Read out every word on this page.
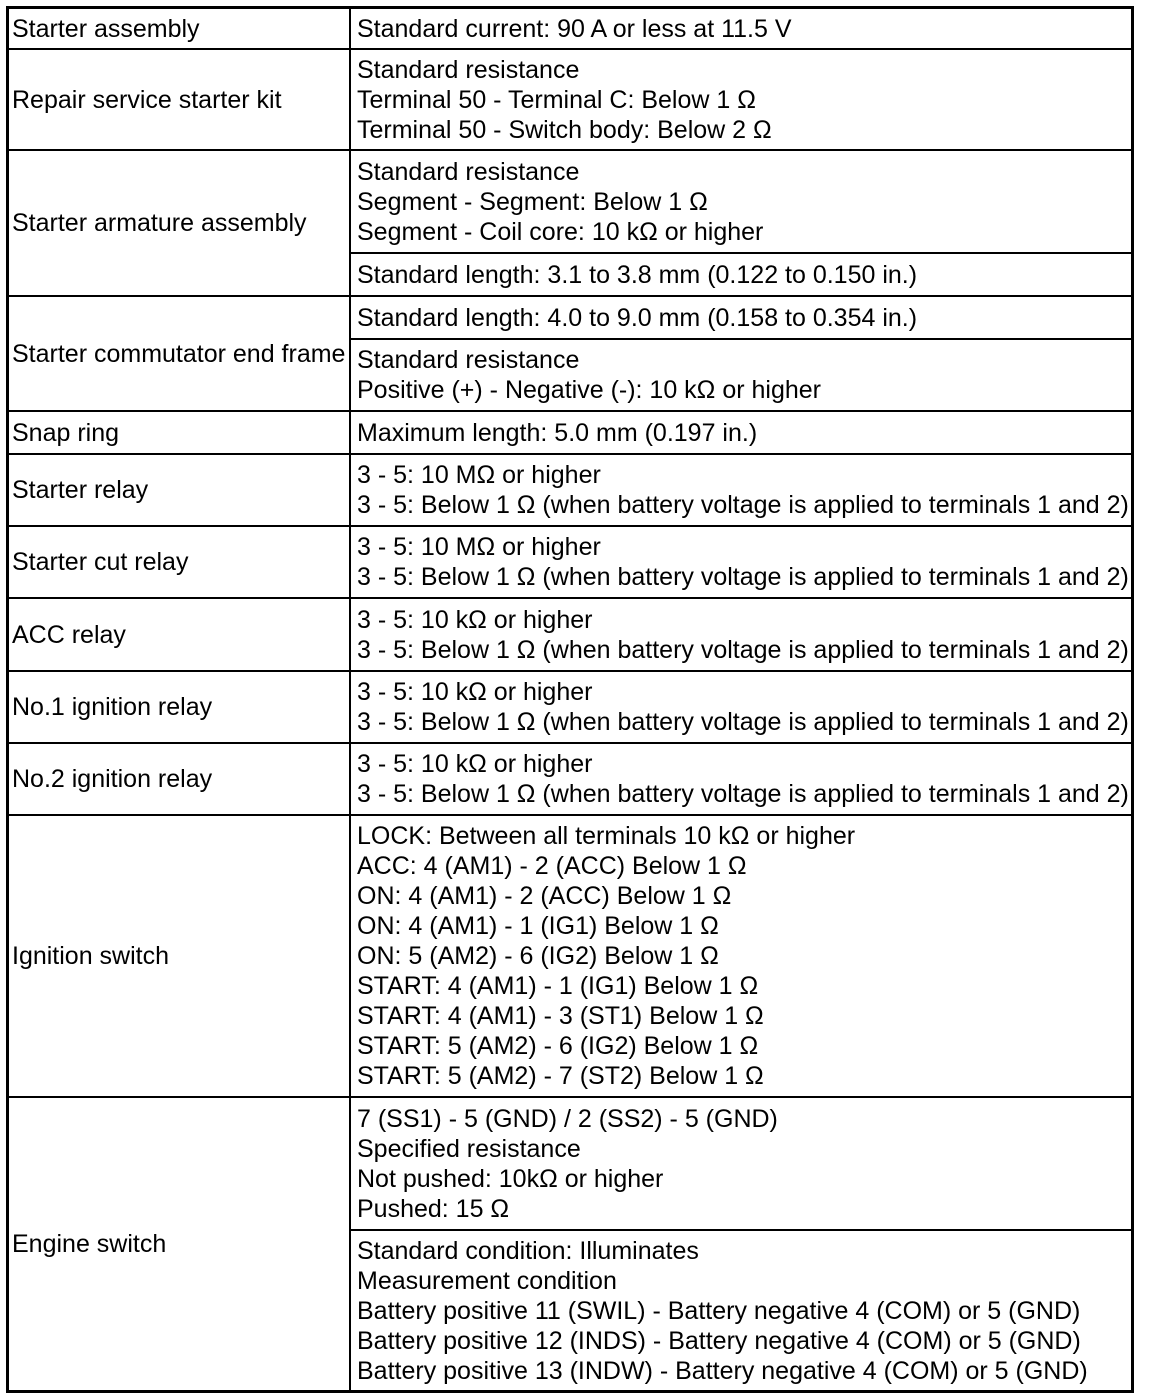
Starter assembly	Standard current: 90 A or less at 11.5 V
Repair service starter kit
Standard resistance
Terminal 50 - Terminal C: Below 1 Ω
Terminal 50 - Switch body: Below 2 Ω
Starter armature assembly
Standard resistance
Segment - Segment: Below 1 Ω
Segment - Coil core: 10 kΩ or higher
Standard length: 3.1 to 3.8 mm (0.122 to 0.150 in.)
Starter commutator end frame
Standard length: 4.0 to 9.0 mm (0.158 to 0.354 in.)
Standard resistance
Positive (+) - Negative (-): 10 kΩ or higher
Snap ring	Maximum length: 5.0 mm (0.197 in.)
Starter relay
3 - 5: 10 MΩ or higher
3 - 5: Below 1 Ω (when battery voltage is applied to terminals 1 and 2)
Starter cut relay
3 - 5: 10 MΩ or higher
3 - 5: Below 1 Ω (when battery voltage is applied to terminals 1 and 2)
ACC relay
3 - 5: 10 kΩ or higher
3 - 5: Below 1 Ω (when battery voltage is applied to terminals 1 and 2)
No.1 ignition relay
3 - 5: 10 kΩ or higher
3 - 5: Below 1 Ω (when battery voltage is applied to terminals 1 and 2)
No.2 ignition relay
3 - 5: 10 kΩ or higher
3 - 5: Below 1 Ω (when battery voltage is applied to terminals 1 and 2)
Ignition switch
LOCK: Between all terminals 10 kΩ or higher
ACC: 4 (AM1) - 2 (ACC) Below 1 Ω
ON: 4 (AM1) - 2 (ACC) Below 1 Ω
ON: 4 (AM1) - 1 (IG1) Below 1 Ω
ON: 5 (AM2) - 6 (IG2) Below 1 Ω
START: 4 (AM1) - 1 (IG1) Below 1 Ω
START: 4 (AM1) - 3 (ST1) Below 1 Ω
START: 5 (AM2) - 6 (IG2) Below 1 Ω
START: 5 (AM2) - 7 (ST2) Below 1 Ω
Engine switch
7 (SS1) - 5 (GND) / 2 (SS2) - 5 (GND)
Specified resistance
Not pushed: 10kΩ or higher
Pushed: 15 Ω
Standard condition: Illuminates
Measurement condition
Battery positive 11 (SWIL) - Battery negative 4 (COM) or 5 (GND)
Battery positive 12 (INDS) - Battery negative 4 (COM) or 5 (GND)
Battery positive 13 (INDW) - Battery negative 4 (COM) or 5 (GND)
